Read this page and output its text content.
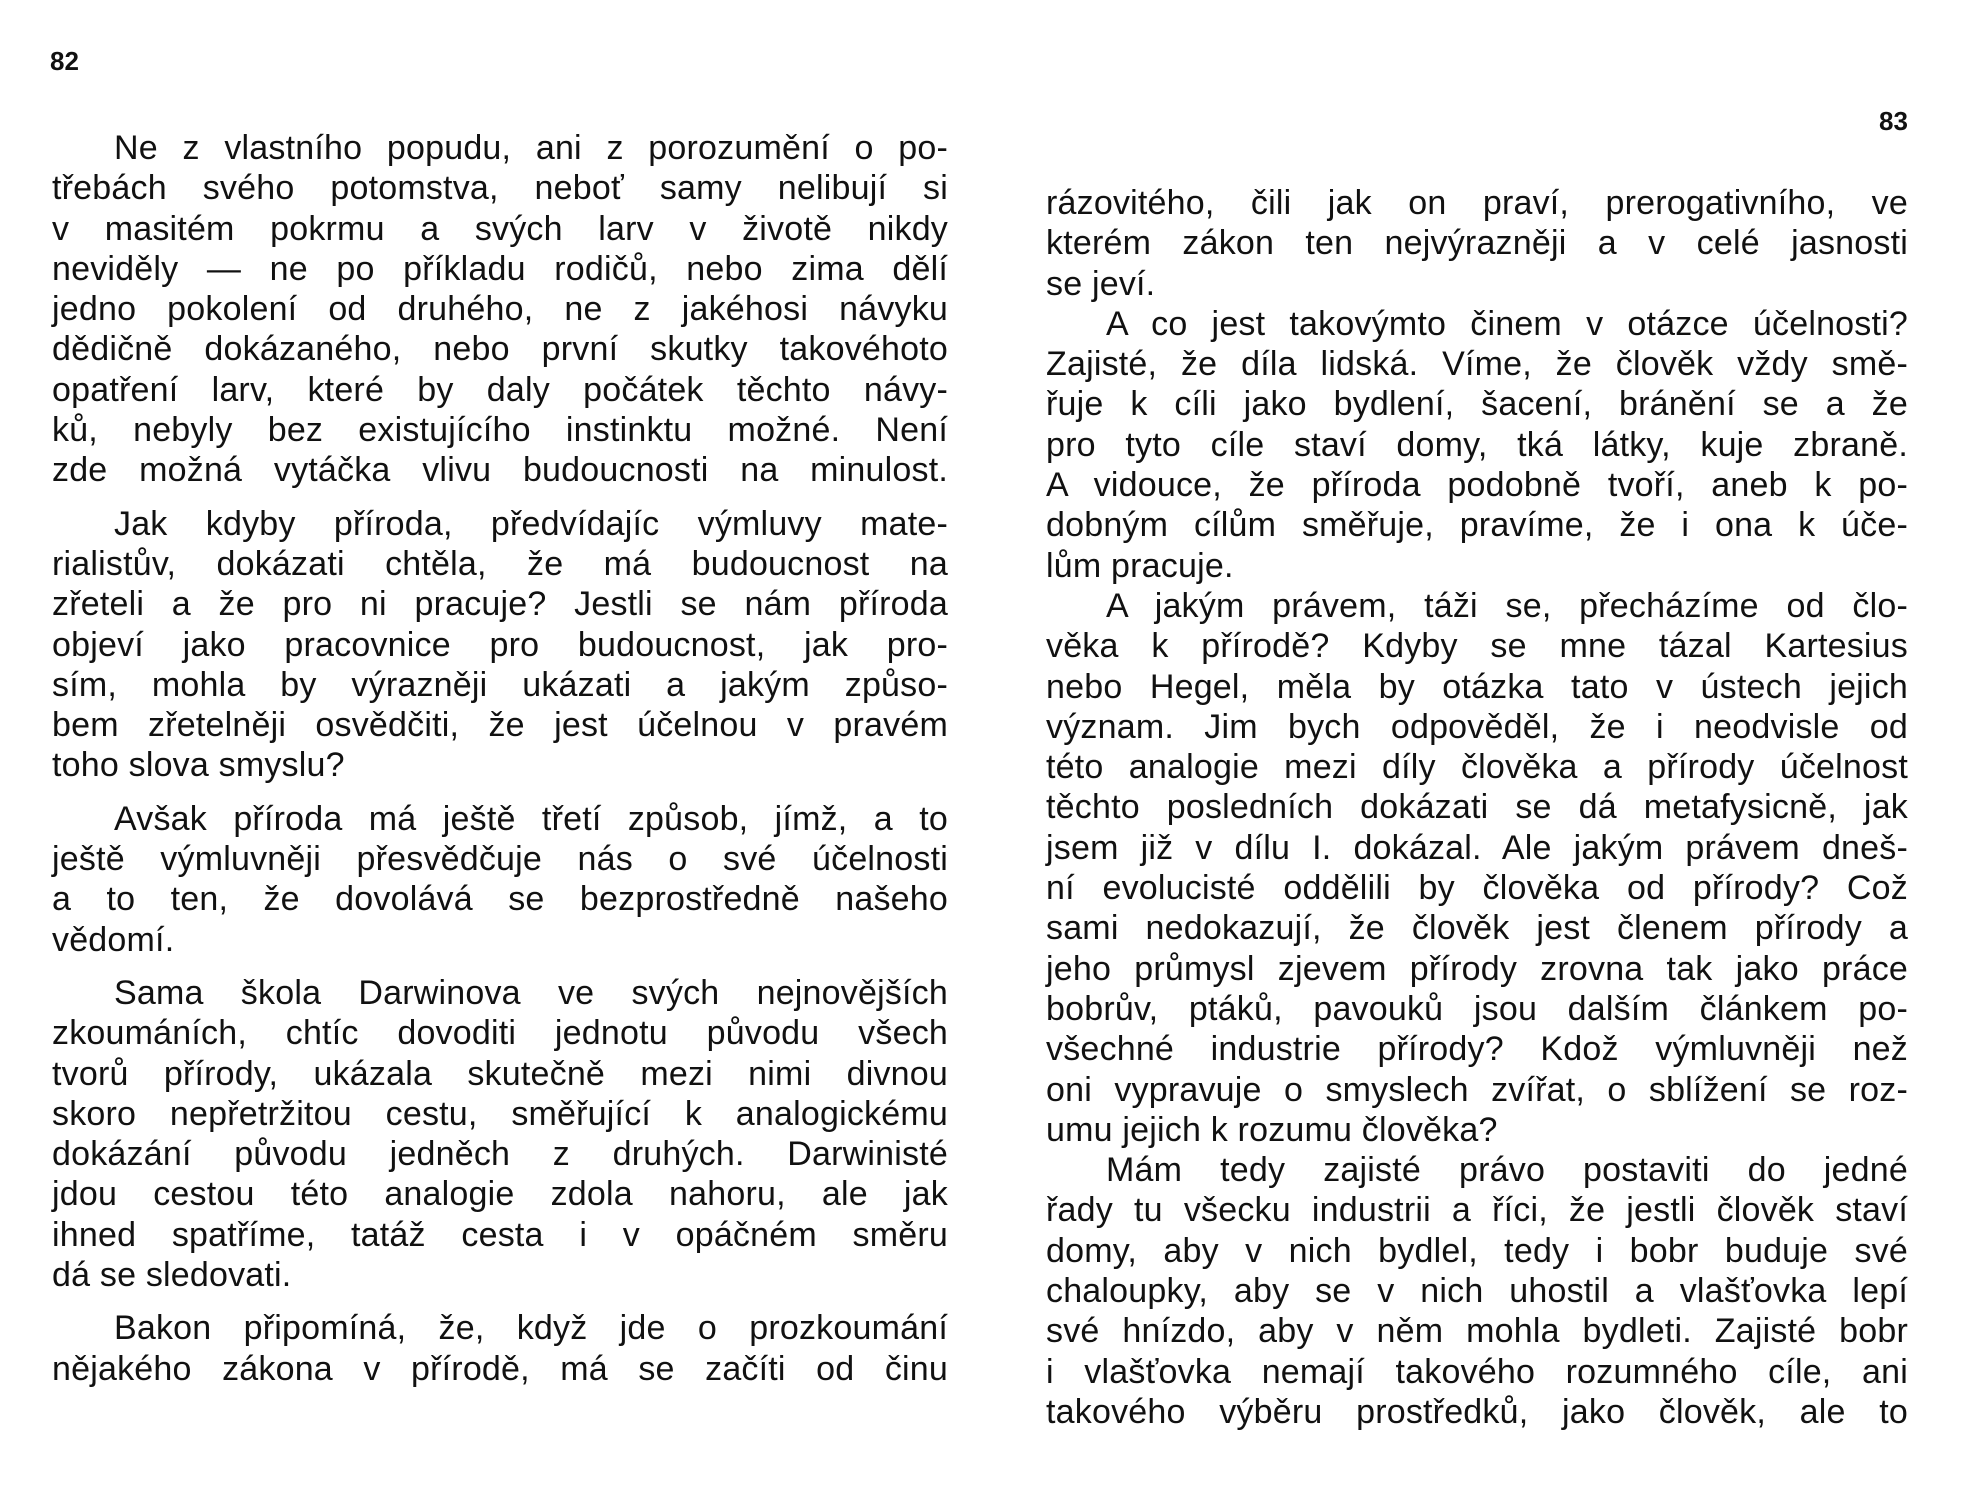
82
Ne z vlastního popudu, ani z porozumění o po-
třebách svého potomstva, neboť samy nelibují si
v masitém pokrmu a svých larv v životě nikdy
neviděly — ne po příkladu rodičů, nebo zima dělí
jedno pokolení od druhého, ne z jakéhosi návyku
dědičně dokázaného, nebo první skutky takovéhoto
opatření larv, které by daly počátek těchto návy-
ků, nebyly bez existujícího instinktu možné. Není
zde možná vytáčka vlivu budoucnosti na minulost.
Jak kdyby příroda, předvídajíc výmluvy mate-
rialistův, dokázati chtěla, že má budoucnost na
zřeteli a že pro ni pracuje? Jestli se nám příroda
objeví jako pracovnice pro budoucnost, jak pro-
sím, mohla by výrazněji ukázati a jakým způso-
bem zřetelněji osvědčiti, že jest účelnou v pravém
toho slova smyslu?
Avšak příroda má ještě třetí způsob, jímž, a to
ještě výmluvněji přesvědčuje nás o své účelnosti
a to ten, že dovolává se bezprostředně našeho
vědomí.
Sama škola Darwinova ve svých nejnovějších
zkoumáních, chtíc dovoditi jednotu původu všech
tvorů přírody, ukázala skutečně mezi nimi divnou
skoro nepřetržitou cestu, směřující k analogickému
dokázání původu jedněch z druhých. Darwinisté
jdou cestou této analogie zdola nahoru, ale jak
ihned spatříme, tatáž cesta i v opáčném směru
dá se sledovati.
Bakon připomíná, že, když jde o prozkoumání
nějakého zákona v přírodě, má se začíti od činu
83
rázovitého, čili jak on praví, prerogativního, ve
kterém zákon ten nejvýrazněji a v celé jasnosti
se jeví.
A co jest takovýmto činem v otázce účelnosti?
Zajisté, že díla lidská. Víme, že člověk vždy smě-
řuje k cíli jako bydlení, šacení, bránění se a že
pro tyto cíle staví domy, tká látky, kuje zbraně.
A vidouce, že příroda podobně tvoří, aneb k po-
dobným cílům směřuje, pravíme, že i ona k úče-
lům pracuje.
A jakým právem, táži se, přecházíme od člo-
věka k přírodě? Kdyby se mne tázal Kartesius
nebo Hegel, měla by otázka tato v ústech jejich
význam. Jim bych odpověděl, že i neodvisle od
této analogie mezi díly člověka a přírody účelnost
těchto posledních dokázati se dá metafysicně, jak
jsem již v dílu I. dokázal. Ale jakým právem dneš-
ní evolucisté oddělili by člověka od přírody? Což
sami nedokazují, že člověk jest členem přírody a
jeho průmysl zjevem přírody zrovna tak jako práce
bobrův, ptáků, pavouků jsou dalším článkem po-
všechné industrie přírody? Kdož výmluvněji než
oni vypravuje o smyslech zvířat, o sblížení se roz-
umu jejich k rozumu člověka?
Mám tedy zajisté právo postaviti do jedné
řady tu všecku industrii a říci, že jestli člověk staví
domy, aby v nich bydlel, tedy i bobr buduje své
chaloupky, aby se v nich uhostil a vlašťovka lepí
své hnízdo, aby v něm mohla bydleti. Zajisté bobr
i vlašťovka nemají takového rozumného cíle, ani
takového výběru prostředků, jako člověk, ale to
